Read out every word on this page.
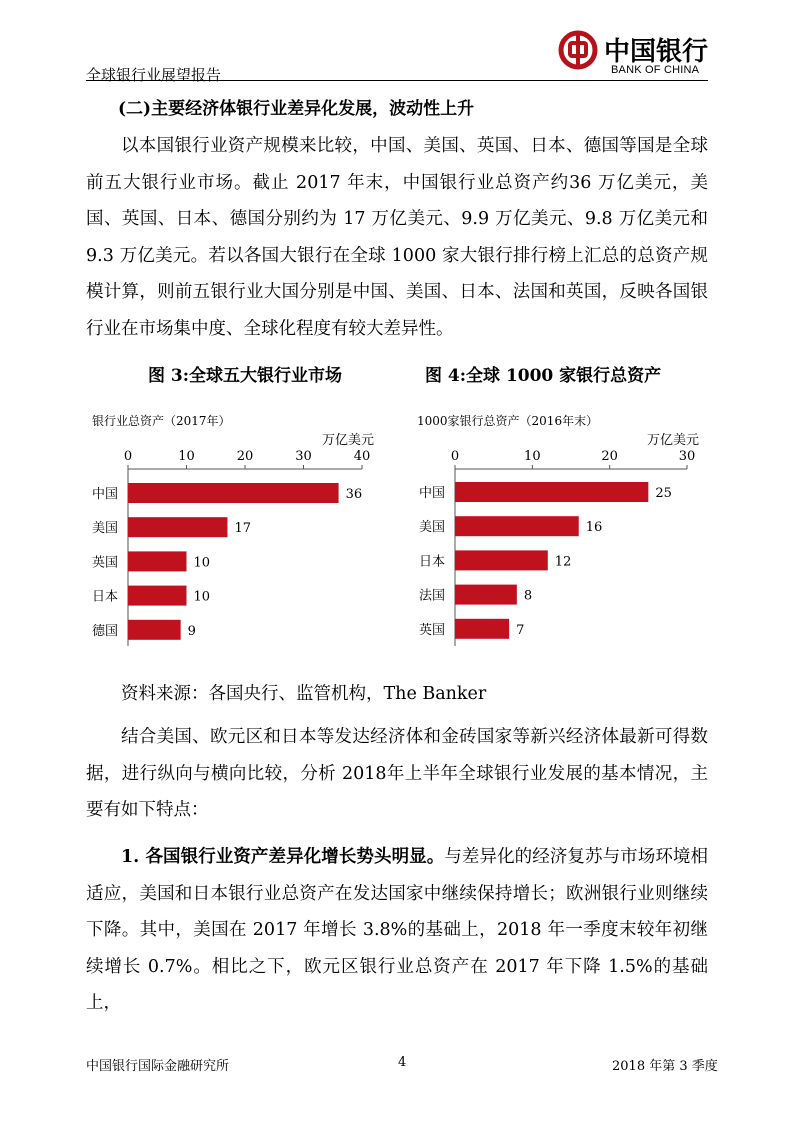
全球银行业展望报告
中国银行
BANK OF CHINA
(二)主要经济体银行业差异化发展，波动性上升
以本国银行业资产规模来比较，中国、美国、英国、日本、德国等国是全球前五大银行业市场。截止 2017 年末，中国银行业总资产约36 万亿美元，美国、英国、日本、德国分别约为 17 万亿美元、9.9 万亿美元、9.8 万亿美元和9.3 万亿美元。若以各国大银行在全球 1000 家大银行排行榜上汇总的总资产规模计算，则前五银行业大国分别是中国、美国、日本、法国和英国，反映各国银行业在市场集中度、全球化程度有较大差异性。
图 3:全球五大银行业市场	图 4:全球 1000 家银行总资产
银行业总资产（2017年）
万亿美元
0	10	20	30	40
中国	36
美国	17
英国	10
日本	10
德国	9
1000家银行总资产（2016年末）
万亿美元
0	10	20	30
中国	25
美国	16
日本	12
法国	8
英国	7
资料来源：各国央行、监管机构，The Banker
结合美国、欧元区和日本等发达经济体和金砖国家等新兴经济体最新可得数据，进行纵向与横向比较，分析 2018年上半年全球银行业发展的基本情况，主要有如下特点：
1. 各国银行业资产差异化增长势头明显。与差异化的经济复苏与市场环境相适应，美国和日本银行业总资产在发达国家中继续保持增长；欧洲银行业则继续下降。其中，美国在 2017 年增长 3.8%的基础上，2018 年一季度末较年初继续增长 0.7%。相比之下，欧元区银行业总资产在 2017 年下降 1.5%的基础上，
中国银行国际金融研究所	4	2018 年第 3 季度
